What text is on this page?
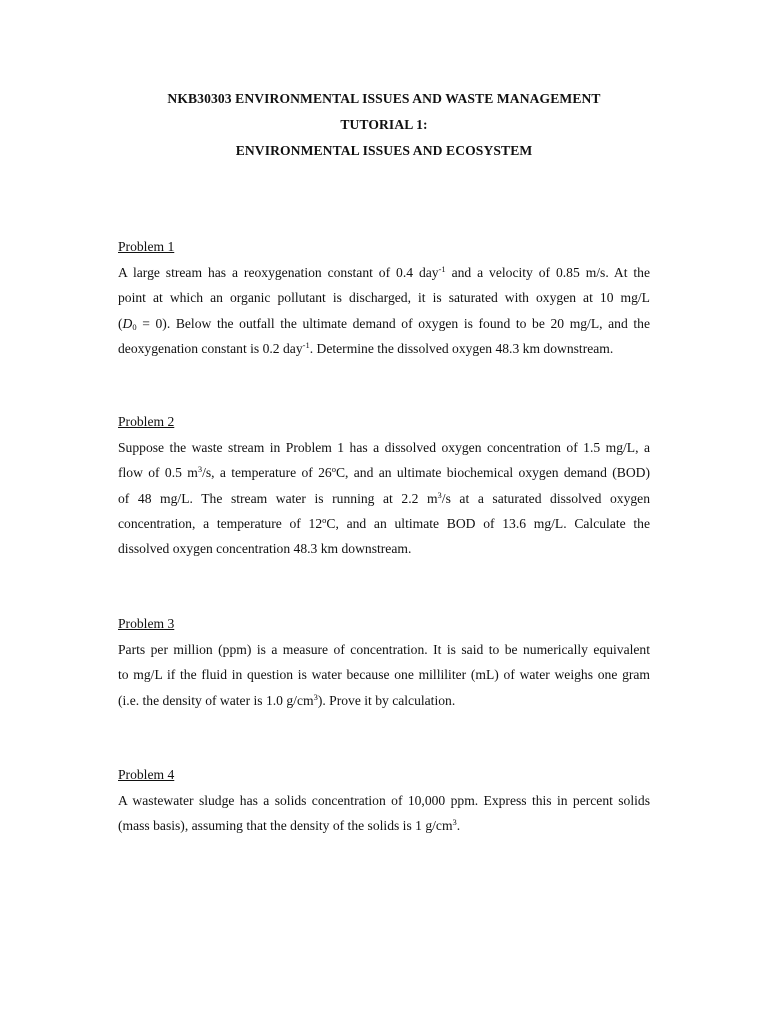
NKB30303 ENVIRONMENTAL ISSUES AND WASTE MANAGEMENT
TUTORIAL 1:
ENVIRONMENTAL ISSUES AND ECOSYSTEM
Problem 1
A large stream has a reoxygenation constant of 0.4 day$^{-1}$ and a velocity of 0.85 m/s. At the
point at which an organic pollutant is discharged, it is saturated with oxygen at 10 mg/L
$(D_0 = 0)$. Below the outfall the ultimate demand of oxygen is found to be 20 mg/L, and the
deoxygenation constant is 0.2 day$^{-1}$. Determine the dissolved oxygen 48.3 km downstream.
Problem 2
Suppose the waste stream in Problem 1 has a dissolved oxygen concentration of 1.5 mg/L, a
flow of 0.5 $m^3/s$, a temperature of 26$^o$C, and an ultimate biochemical oxygen demand (BOD)
of 48 mg/L. The stream water is running at 2.2 $m^3/s$ at a saturated dissolved oxygen
concentration, a temperature of 12$^o$C, and an ultimate BOD of 13.6 mg/L. Calculate the
dissolved oxygen concentration 48.3 km downstream.
Problem 3
Parts per million (ppm) is a measure of concentration. It is said to be numerically equivalent
to mg/L if the fluid in question is water because one milliliter (mL) of water weighs one gram
(i.e. the density of water is 1.0 $g/cm^3$). Prove it by calculation.
Problem 4
A wastewater sludge has a solids concentration of 10,000 ppm. Express this in percent solids
(mass basis), assuming that the density of the solids is 1 $g/cm^3$.
